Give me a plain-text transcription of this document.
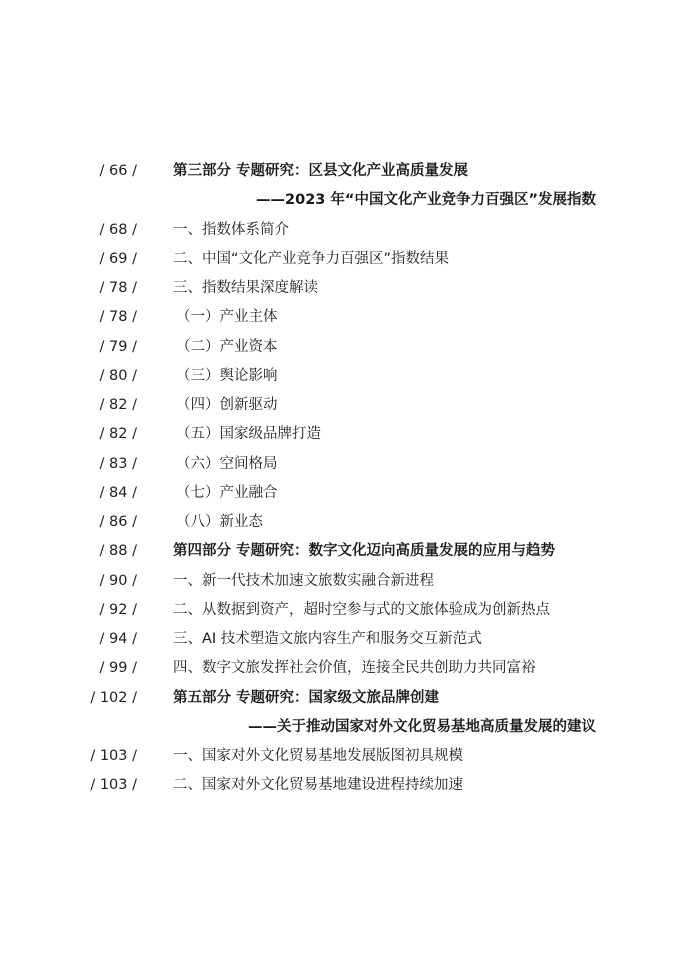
/ 66 / 第三部分 专题研究：区县文化产业高质量发展
——2023 年“中国文化产业竞争力百强区”发展指数
/ 68 / 一、指数体系简介
/ 69 / 二、中国“文化产业竞争力百强区”指数结果
/ 78 / 三、指数结果深度解读
/ 78 /	（一）产业主体
/ 79 /	（二）产业资本
/ 80 /	（三）舆论影响
/ 82 /	（四）创新驱动
/ 82 /	（五）国家级品牌打造
/ 83 /	（六）空间格局
/ 84 /	（七）产业融合
/ 86 /	（八）新业态
/ 88 / 第四部分 专题研究：数字文化迈向高质量发展的应用与趋势
/ 90 / 一、新一代技术加速文旅数实融合新进程
/ 92 / 二、从数据到资产，超时空参与式的文旅体验成为创新热点
/ 94 / 三、AI 技术塑造文旅内容生产和服务交互新范式
/ 99 / 四、数字文旅发挥社会价值，连接全民共创助力共同富裕
/ 102 / 第五部分 专题研究：国家级文旅品牌创建
——关于推动国家对外文化贸易基地高质量发展的建议
/ 103 / 一、国家对外文化贸易基地发展版图初具规模
/ 103 / 二、国家对外文化贸易基地建设进程持续加速
